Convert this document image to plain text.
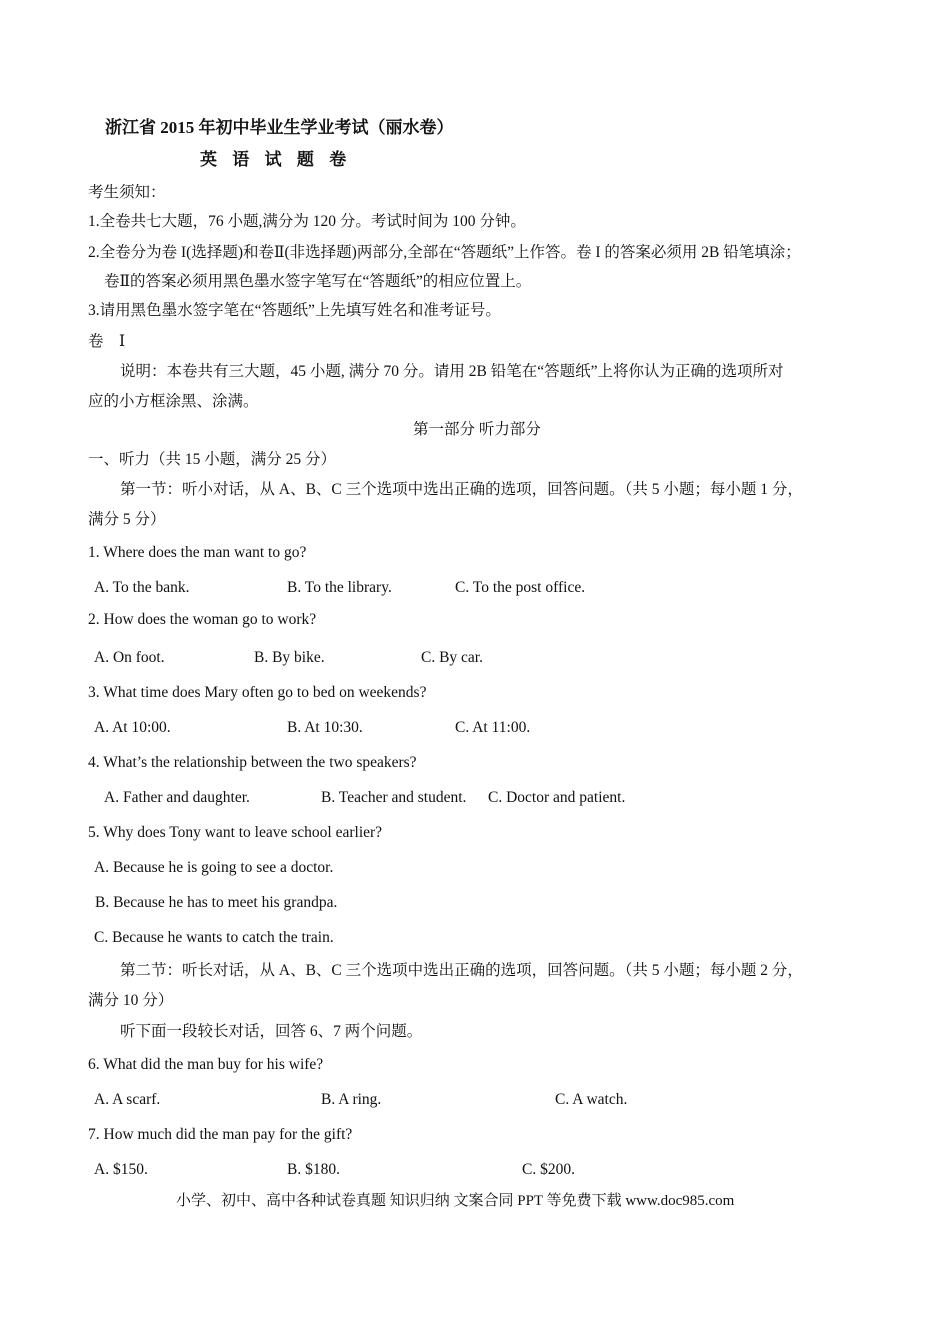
浙江省 2015 年初中毕业生学业考试（丽水卷）
英语试题卷
考生须知：
1.全卷共七大题，76 小题,满分为 120 分。考试时间为 100 分钟。
2.全卷分为卷 I(选择题)和卷Ⅱ(非选择题)两部分,全部在“答题纸”上作答。卷 I 的答案必须用 2B 铅笔填涂；
卷Ⅱ的答案必须用黑色墨水签字笔写在“答题纸”的相应位置上。
3.请用黑色墨水签字笔在“答题纸”上先填写姓名和准考证号。
卷　Ⅰ
说明：本卷共有三大题，45 小题, 满分 70 分。请用 2B 铅笔在“答题纸”上将你认为正确的选项所对
应的小方框涂黑、涂满。
第一部分 听力部分
一、听力（共 15 小题，满分 25 分）
第一节：听小对话，从 A、B、C 三个选项中选出正确的选项，回答问题。（共 5 小题；每小题 1 分，
满分 5 分）
1. Where does the man want to go?
A. To the bank.	B. To the library.	C. To the post office.
2. How does the woman go to work?
A. On foot.	B. By bike.	C. By car.
3. What time does Mary often go to bed on weekends?
A. At 10:00.	B. At 10:30.	C. At 11:00.
4. What’s the relationship between the two speakers?
A. Father and daughter.	B. Teacher and student. C. Doctor and patient.
5. Why does Tony want to leave school earlier?
A. Because he is going to see a doctor.
B. Because he has to meet his grandpa.
C. Because he wants to catch the train.
第二节：听长对话，从 A、B、C 三个选项中选出正确的选项，回答问题。（共 5 小题；每小题 2 分，
满分 10 分）
听下面一段较长对话，回答 6、7 两个问题。
6. What did the man buy for his wife?
A. A scarf.	B. A ring.	C. A watch.
7. How much did the man pay for the gift?
A. $150.	B. $180.	C. $200.
小学、初中、高中各种试卷真题 知识归纳 文案合同 PPT 等免费下载 www.doc985.com
